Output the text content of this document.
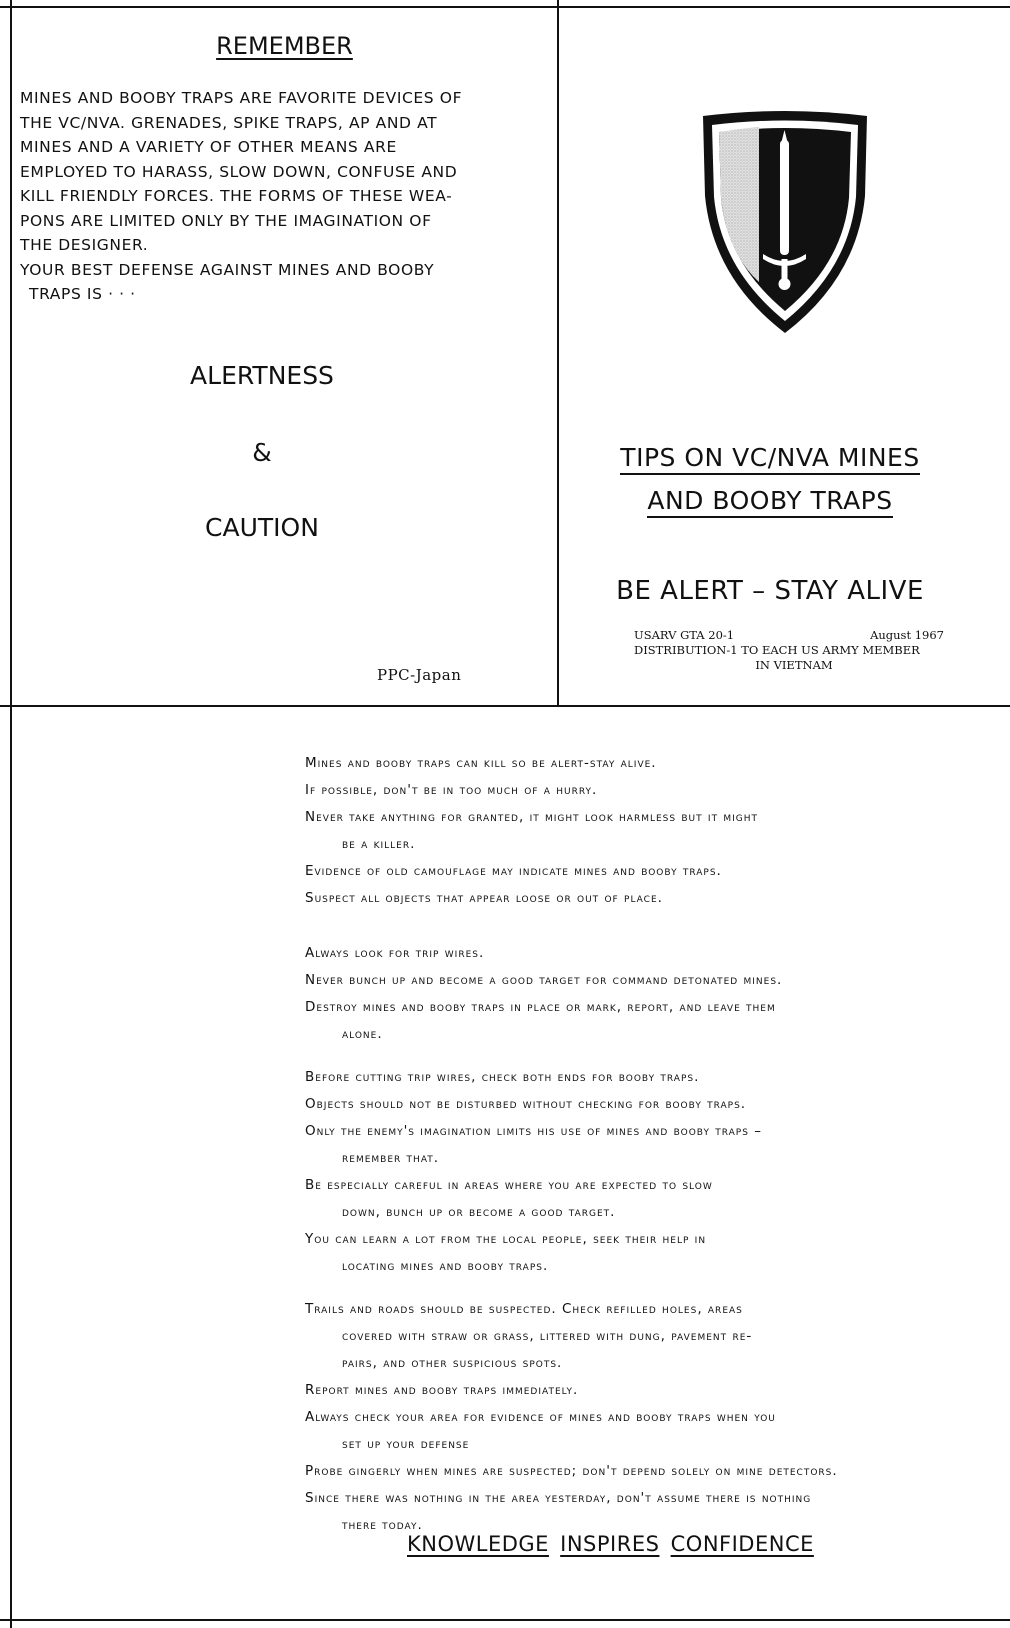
REMEMBER
MINES AND BOOBY TRAPS ARE FAVORITE DEVICES OF
THE VC/NVA. GRENADES, SPIKE TRAPS, AP AND AT
MINES AND A VARIETY OF OTHER MEANS ARE
EMPLOYED TO HARASS, SLOW DOWN, CONFUSE AND
KILL FRIENDLY FORCES. THE FORMS OF THESE WEA-
PONS ARE LIMITED ONLY BY THE IMAGINATION OF
THE DESIGNER.
YOUR BEST DEFENSE AGAINST MINES AND BOOBY
TRAPS IS · · ·
ALERTNESS
&
CAUTION
PPC-Japan
TIPS ON VC/NVA MINES
AND BOOBY TRAPS
BE ALERT – STAY ALIVE
USARV GTA 20-1	August 1967
DISTRIBUTION-1 TO EACH US ARMY MEMBER
IN VIETNAM
Mines and booby traps can kill so be alert-stay alive.
If possible, don't be in too much of a hurry.
Never take anything for granted, it might look harmless but it might
be a killer.
Evidence of old camouflage may indicate mines and booby traps.
Suspect all objects that appear loose or out of place.
Always look for trip wires.
Never bunch up and become a good target for command detonated mines.
Destroy mines and booby traps in place or mark, report, and leave them
alone.
Before cutting trip wires, check both ends for booby traps.
Objects should not be disturbed without checking for booby traps.
Only the enemy's imagination limits his use of mines and booby traps –
remember that.
Be especially careful in areas where you are expected to slow
down, bunch up or become a good target.
You can learn a lot from the local people, seek their help in
locating mines and booby traps.
Trails and roads should be suspected. Check refilled holes, areas
covered with straw or grass, littered with dung, pavement re-
pairs, and other suspicious spots.
Report mines and booby traps immediately.
Always check your area for evidence of mines and booby traps when you
set up your defense
Probe gingerly when mines are suspected; don't depend solely on mine detectors.
Since there was nothing in the area yesterday, don't assume there is nothing
there today.
KNOWLEDGE INSPIRES CONFIDENCE
